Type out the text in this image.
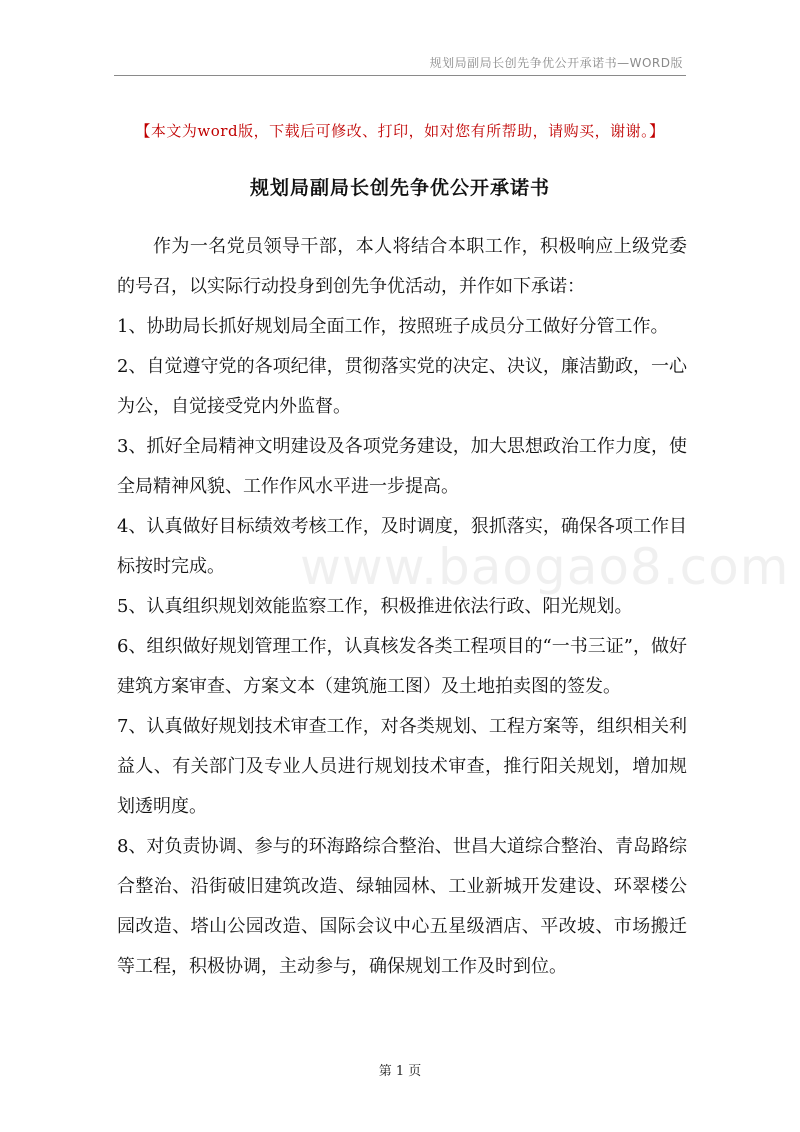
规划局副局长创先争优公开承诺书—WORD版
【本文为word版，下载后可修改、打印，如对您有所帮助，请购买，谢谢。】
规划局副局长创先争优公开承诺书
www.baogao8.com

作为一名党员领导干部，本人将结合本职工作，积极响应上级党委的号召，以实际行动投身到创先争优活动，并作如下承诺：

1、协助局长抓好规划局全面工作，按照班子成员分工做好分管工作。

2、自觉遵守党的各项纪律，贯彻落实党的决定、决议，廉洁勤政，一心为公，自觉接受党内外监督。

3、抓好全局精神文明建设及各项党务建设，加大思想政治工作力度，使全局精神风貌、工作作风水平进一步提高。

4、认真做好目标绩效考核工作，及时调度，狠抓落实，确保各项工作目标按时完成。

5、认真组织规划效能监察工作，积极推进依法行政、阳光规划。

6、组织做好规划管理工作，认真核发各类工程项目的“一书三证”，做好建筑方案审查、方案文本（建筑施工图）及土地拍卖图的签发。

7、认真做好规划技术审查工作，对各类规划、工程方案等，组织相关利益人、有关部门及专业人员进行规划技术审查，推行阳关规划，增加规划透明度。

8、对负责协调、参与的环海路综合整治、世昌大道综合整治、青岛路综合整治、沿街破旧建筑改造、绿轴园林、工业新城开发建设、环翠楼公园改造、塔山公园改造、国际会议中心五星级酒店、平改坡、市场搬迁等工程，积极协调，主动参与，确保规划工作及时到位。

第 1 页
